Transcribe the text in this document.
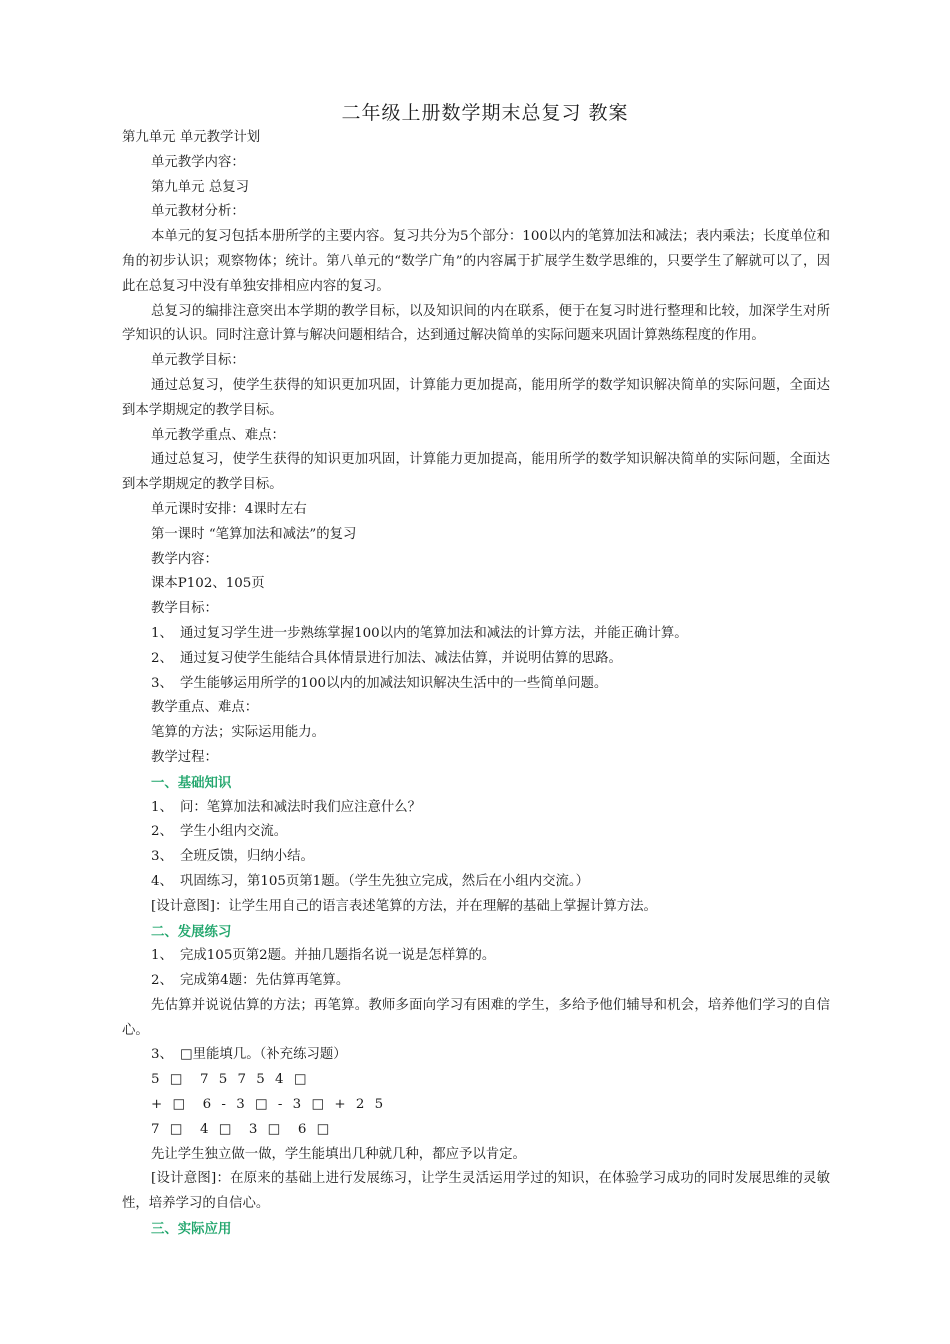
二年级上册数学期末总复习 教案
第九单元 单元教学计划
单元教学内容：
第九单元 总复习
单元教材分析：
本单元的复习包括本册所学的主要内容。复习共分为5个部分：100以内的笔算加法和减法；表内乘法；长度单位和角的初步认识；观察物体；统计。第八单元的“数学广角”的内容属于扩展学生数学思维的，只要学生了解就可以了，因此在总复习中没有单独安排相应内容的复习。
总复习的编排注意突出本学期的教学目标，以及知识间的内在联系，便于在复习时进行整理和比较，加深学生对所学知识的认识。同时注意计算与解决问题相结合，达到通过解决简单的实际问题来巩固计算熟练程度的作用。
单元教学目标：
通过总复习，使学生获得的知识更加巩固，计算能力更加提高，能用所学的数学知识解决简单的实际问题，全面达到本学期规定的教学目标。
单元教学重点、难点：
通过总复习，使学生获得的知识更加巩固，计算能力更加提高，能用所学的数学知识解决简单的实际问题，全面达到本学期规定的教学目标。
单元课时安排：4课时左右
第一课时 “笔算加法和减法”的复习
教学内容：
课本P102、105页
教学目标：
1、 通过复习学生进一步熟练掌握100以内的笔算加法和减法的计算方法，并能正确计算。
2、 通过复习使学生能结合具体情景进行加法、减法估算，并说明估算的思路。
3、 学生能够运用所学的100以内的加减法知识解决生活中的一些简单问题。
教学重点、难点：
笔算的方法；实际运用能力。
教学过程：
一、基础知识
1、 问：笔算加法和减法时我们应注意什么？
2、 学生小组内交流。
3、 全班反馈，归纳小结。
4、 巩固练习，第105页第1题。（学生先独立完成，然后在小组内交流。）
[设计意图]：让学生用自己的语言表述笔算的方法，并在理解的基础上掌握计算方法。
二、发展练习
1、 完成105页第2题。并抽几题指名说一说是怎样算的。
2、 完成第4题：先估算再笔算。
先估算并说说估算的方法；再笔算。教师多面向学习有困难的学生，多给予他们辅导和机会，培养他们学习的自信心。
3、 □里能填几。（补充练习题）
5 □  7 5 7 5 4 □
+ □  6 - 3 □ - 3 □ + 2 5
7 □  4 □  3 □  6 □
先让学生独立做一做，学生能填出几种就几种，都应予以肯定。
[设计意图]：在原来的基础上进行发展练习，让学生灵活运用学过的知识，在体验学习成功的同时发展思维的灵敏性，培养学习的自信心。
三、实际应用
